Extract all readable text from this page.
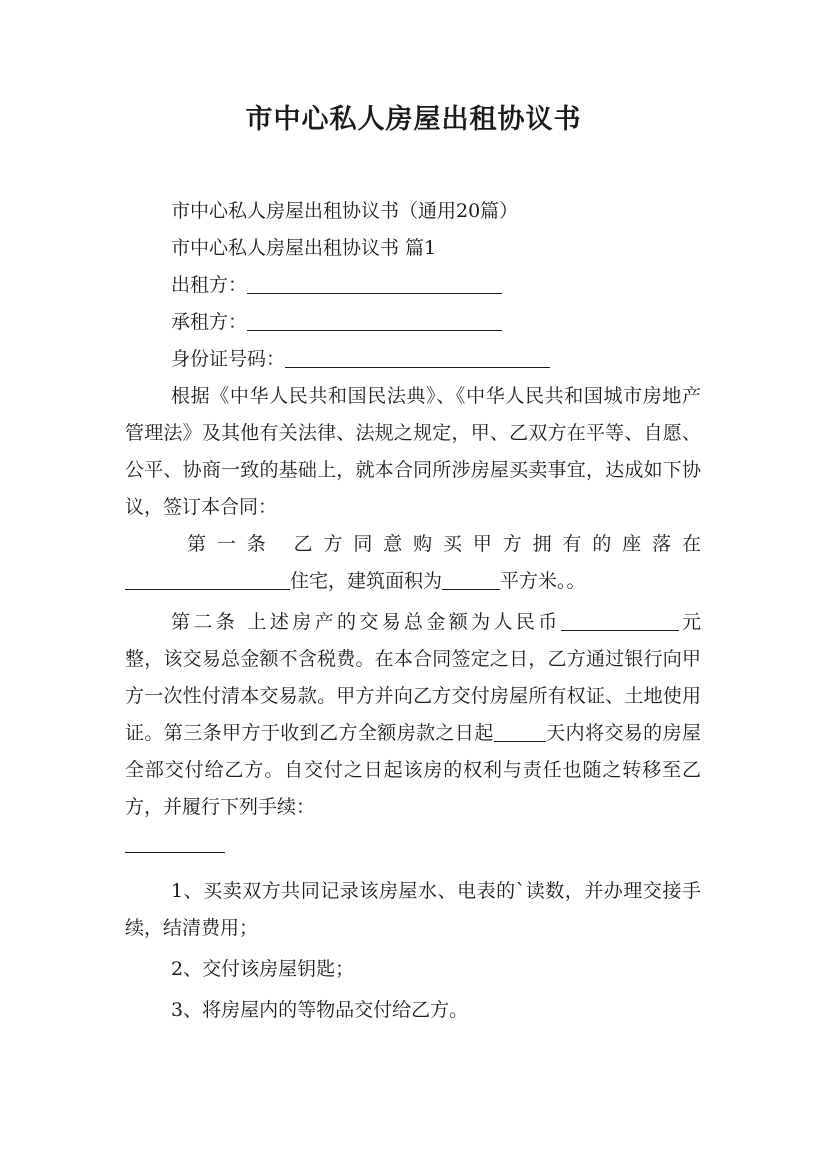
市中心私人房屋出租协议书

市中心私人房屋出租协议书（通用20篇）

市中心私人房屋出租协议书 篇1

出租方：

承租方：

身份证号码：

根据《中华人民共和国民法典》、《中华人民共和国城市房地产管理法》及其他有关法律、法规之规定，甲、乙双方在平等、自愿、公平、协商一致的基础上，就本合同所涉房屋买卖事宜，达成如下协议，签订本合同：

第一条 乙方同意购买甲方拥有的座落在

住宅，建筑面积为	平方米。。

第二条 上述房产的交易总金额为人民币	元

整，该交易总金额不含税费。在本合同签定之日，乙方通过银行向甲方一次性付清本交易款。甲方并向乙方交付房屋所有权证、土地使用证。第三条甲方于收到乙方全额房款之日起	天内将交易的房屋全部交付给乙方。自交付之日起该房的权利与责任也随之转移至乙方，并履行下列手续：

1、买卖双方共同记录该房屋水、电表的`读数，并办理交接手续，结清费用；

2、交付该房屋钥匙；

3、将房屋内的等物品交付给乙方。
